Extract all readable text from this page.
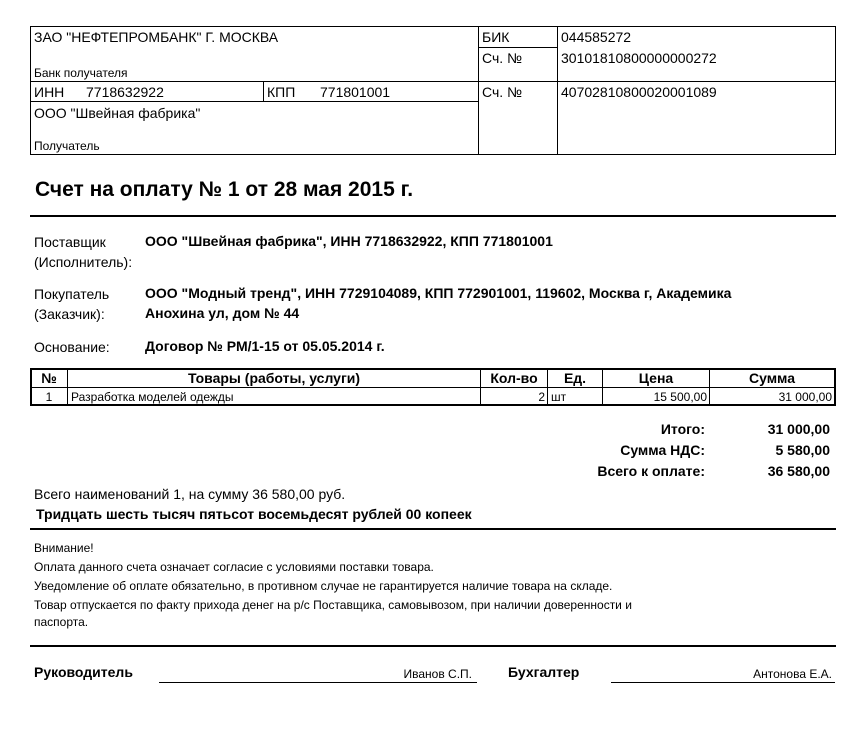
ЗАО "НЕФТЕПРОМБАНК" Г. МОСКВА
Банк получателя
БИК	044585272
Сч. №	30101810800000000272
ИНН 7718632922	КПП 771801001	Сч. №	40702810800020001089
ООО "Швейная фабрика"
Получатель
Счет на оплату № 1 от 28 мая 2015 г.
Поставщик
(Исполнитель):
ООО "Швейная фабрика", ИНН 7718632922, КПП 771801001
Покупатель
(Заказчик):
ООО "Модный тренд", ИНН 7729104089, КПП 772901001, 119602, Москва г, Академика
Анохина ул, дом № 44
Основание:	Договор № РМ/1-15 от 05.05.2014 г.
№	Товары (работы, услуги)	Кол-во	Ед.	Цена	Сумма
1	Разработка моделей одежды	2 шт	15 500,00	31 000,00
Итого:	31 000,00
Сумма НДС:	5 580,00
Всего к оплате:	36 580,00
Всего наименований 1, на сумму 36 580,00 руб.
Тридцать шесть тысяч пятьсот восемьдесят рублей 00 копеек
Внимание!
Оплата данного счета означает согласие с условиями поставки товара.
Уведомление об оплате обязательно, в противном случае не гарантируется наличие товара на складе.
Товар отпускается по факту прихода денег на р/с Поставщика, самовывозом, при наличии доверенности и
паспорта.
Руководитель	Иванов С.П.	Бухгалтер	Антонова Е.А.
